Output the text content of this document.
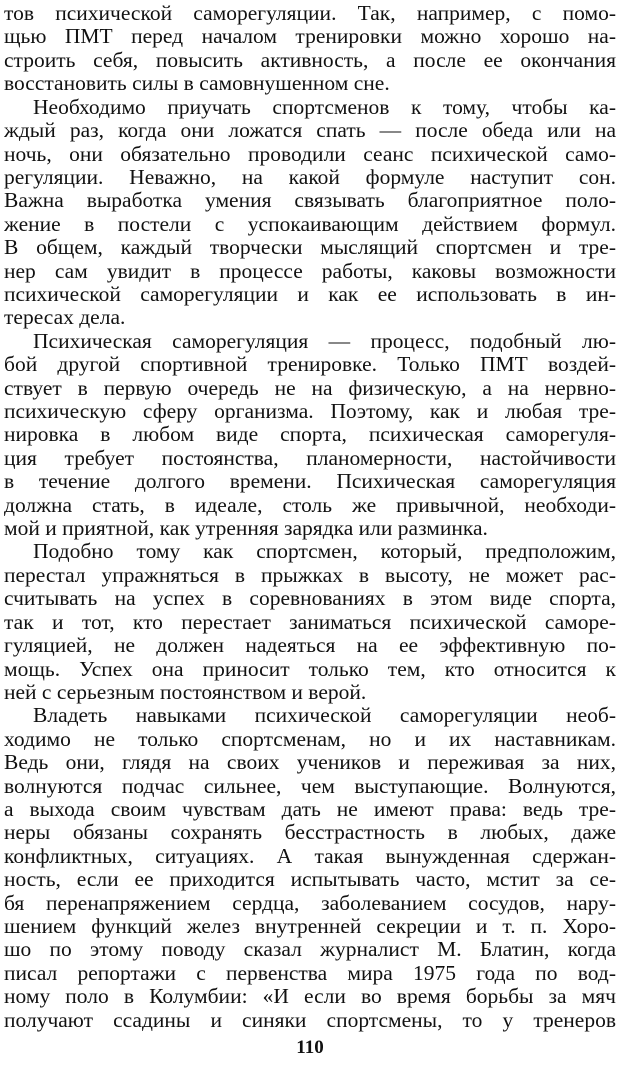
тов психической саморегуляции. Так, например, с помо-
щью ПМТ перед началом тренировки можно хорошо на-
строить себя, повысить активность, а после ее окончания
восстановить силы в самовнушенном сне.
Необходимо приучать спортсменов к тому, чтобы ка-
ждый раз, когда они ложатся спать — после обеда или на
ночь, они обязательно проводили сеанс психической само-
регуляции. Неважно, на какой формуле наступит сон.
Важна выработка умения связывать благоприятное поло-
жение в постели с успокаивающим действием формул.
В общем, каждый творчески мыслящий спортсмен и тре-
нер сам увидит в процессе работы, каковы возможности
психической саморегуляции и как ее использовать в ин-
тересах дела.
Психическая саморегуляция — процесс, подобный лю-
бой другой спортивной тренировке. Только ПМТ воздей-
ствует в первую очередь не на физическую, а на нервно-
психическую сферу организма. Поэтому, как и любая тре-
нировка в любом виде спорта, психическая саморегуля-
ция требует постоянства, планомерности, настойчивости
в течение долгого времени. Психическая саморегуляция
должна стать, в идеале, столь же привычной, необходи-
мой и приятной, как утренняя зарядка или разминка.
Подобно тому как спортсмен, который, предположим,
перестал упражняться в прыжках в высоту, не может рас-
считывать на успех в соревнованиях в этом виде спорта,
так и тот, кто перестает заниматься психической саморе-
гуляцией, не должен надеяться на ее эффективную по-
мощь. Успех она приносит только тем, кто относится к
ней с серьезным постоянством и верой.
Владеть навыками психической саморегуляции необ-
ходимо не только спортсменам, но и их наставникам.
Ведь они, глядя на своих учеников и переживая за них,
волнуются подчас сильнее, чем выступающие. Волнуются,
а выхода своим чувствам дать не имеют права: ведь тре-
неры обязаны сохранять бесстрастность в любых, даже
конфликтных, ситуациях. А такая вынужденная сдержан-
ность, если ее приходится испытывать часто, мстит за се-
бя перенапряжением сердца, заболеванием сосудов, нару-
шением функций желез внутренней секреции и т. п. Хоро-
шо по этому поводу сказал журналист М. Блатин, когда
писал репортажи с первенства мира 1975 года по вод-
ному поло в Колумбии: «И если во время борьбы за мяч
получают ссадины и синяки спортсмены, то у тренеров
110
